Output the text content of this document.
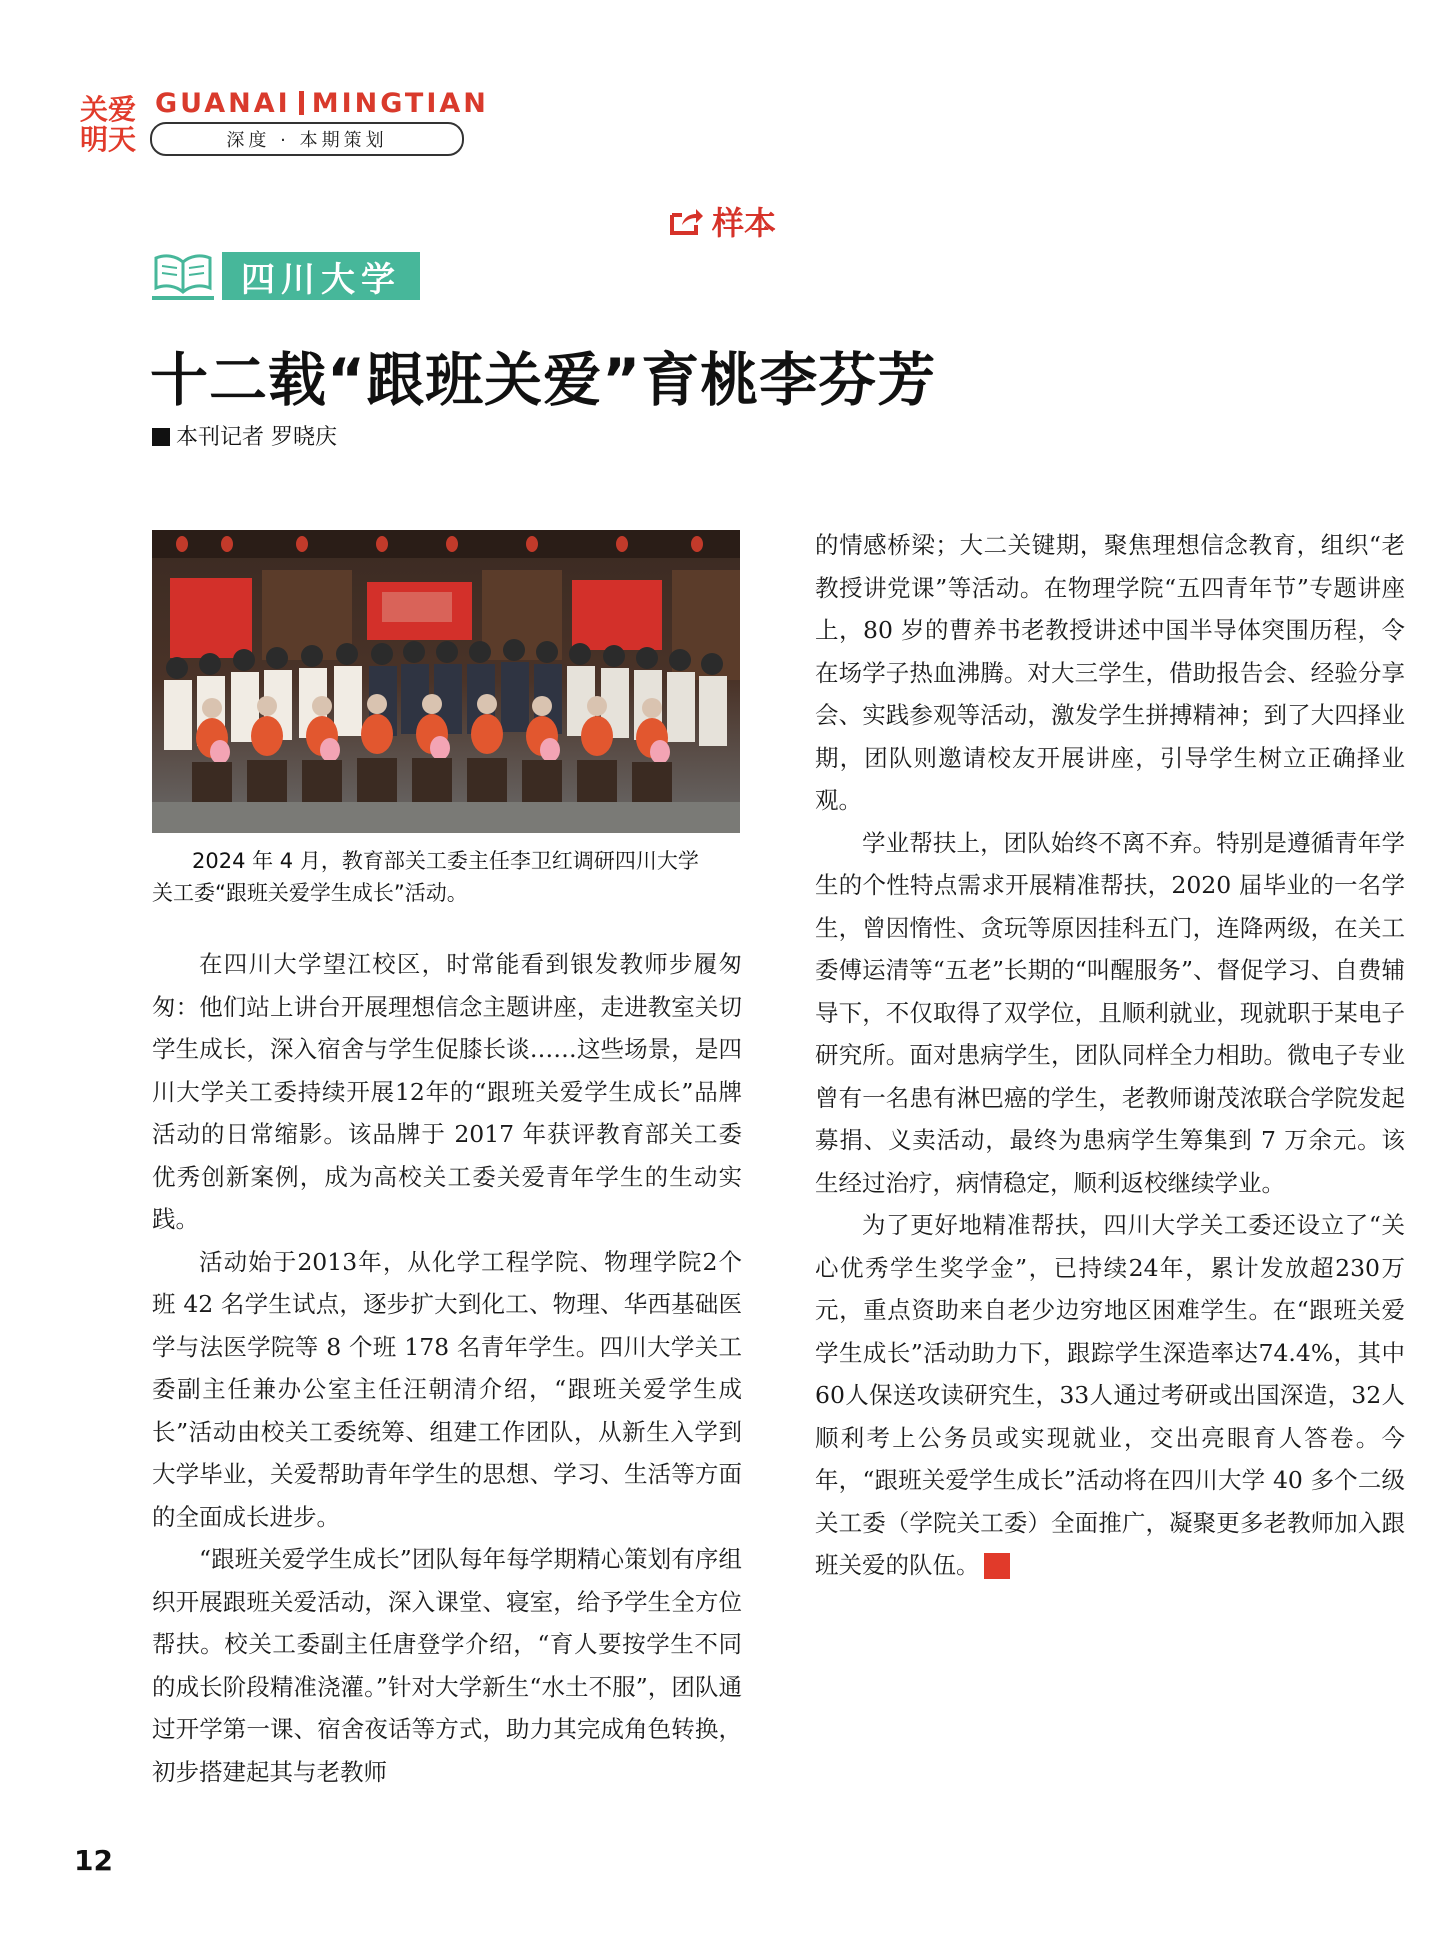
关爱
明天
GUANAI MINGTIAN
深度 · 本期策划
样本
四川大学
十二载“跟班关爱”育桃李芬芳
本刊记者 罗晓庆
2024 年 4 月，教育部关工委主任李卫红调研四川大学
关工委“跟班关爱学生成长”活动。

在四川大学望江校区，时常能看到银发教师步履匆匆：他们站上讲台开展理想信念主题讲座，走进教室关切学生成长，深入宿舍与学生促膝长谈……这些场景，是四川大学关工委持续开展12年的“跟班关爱学生成长”品牌活动的日常缩影。该品牌于 2017 年获评教育部关工委优秀创新案例，成为高校关工委关爱青年学生的生动实践。

活动始于2013年，从化学工程学院、物理学院2个班 42 名学生试点，逐步扩大到化工、物理、华西基础医学与法医学院等 8 个班 178 名青年学生。四川大学关工委副主任兼办公室主任汪朝清介绍，“跟班关爱学生成长”活动由校关工委统筹、组建工作团队，从新生入学到大学毕业，关爱帮助青年学生的思想、学习、生活等方面的全面成长进步。

“跟班关爱学生成长”团队每年每学期精心策划有序组织开展跟班关爱活动，深入课堂、寝室，给予学生全方位帮扶。校关工委副主任唐登学介绍，“育人要按学生不同的成长阶段精准浇灌。”针对大学新生“水土不服”，团队通过开学第一课、宿舍夜话等方式，助力其完成角色转换，初步搭建起其与老教师

的情感桥梁；大二关键期，聚焦理想信念教育，组织“老教授讲党课”等活动。在物理学院“五四青年节”专题讲座上，80 岁的曹养书老教授讲述中国半导体突围历程，令在场学子热血沸腾。对大三学生，借助报告会、经验分享会、实践参观等活动，激发学生拼搏精神；到了大四择业期，团队则邀请校友开展讲座，引导学生树立正确择业观。

学业帮扶上，团队始终不离不弃。特别是遵循青年学生的个性特点需求开展精准帮扶，2020 届毕业的一名学生，曾因惰性、贪玩等原因挂科五门，连降两级，在关工委傅运清等“五老”长期的“叫醒服务”、督促学习、自费辅导下，不仅取得了双学位，且顺利就业，现就职于某电子研究所。面对患病学生，团队同样全力相助。微电子专业曾有一名患有淋巴癌的学生，老教师谢茂浓联合学院发起募捐、义卖活动，最终为患病学生筹集到 7 万余元。该生经过治疗，病情稳定，顺利返校继续学业。

为了更好地精准帮扶，四川大学关工委还设立了“关心优秀学生奖学金”，已持续24年，累计发放超230万元，重点资助来自老少边穷地区困难学生。在“跟班关爱学生成长”活动助力下，跟踪学生深造率达74.4%，其中60人保送攻读研究生，33人通过考研或出国深造，32人顺利考上公务员或实现就业，交出亮眼育人答卷。今年，“跟班关爱学生成长”活动将在四川大学 40 多个二级关工委（学院关工委）全面推广，凝聚更多老教师加入跟班关爱的队伍。	关

12
